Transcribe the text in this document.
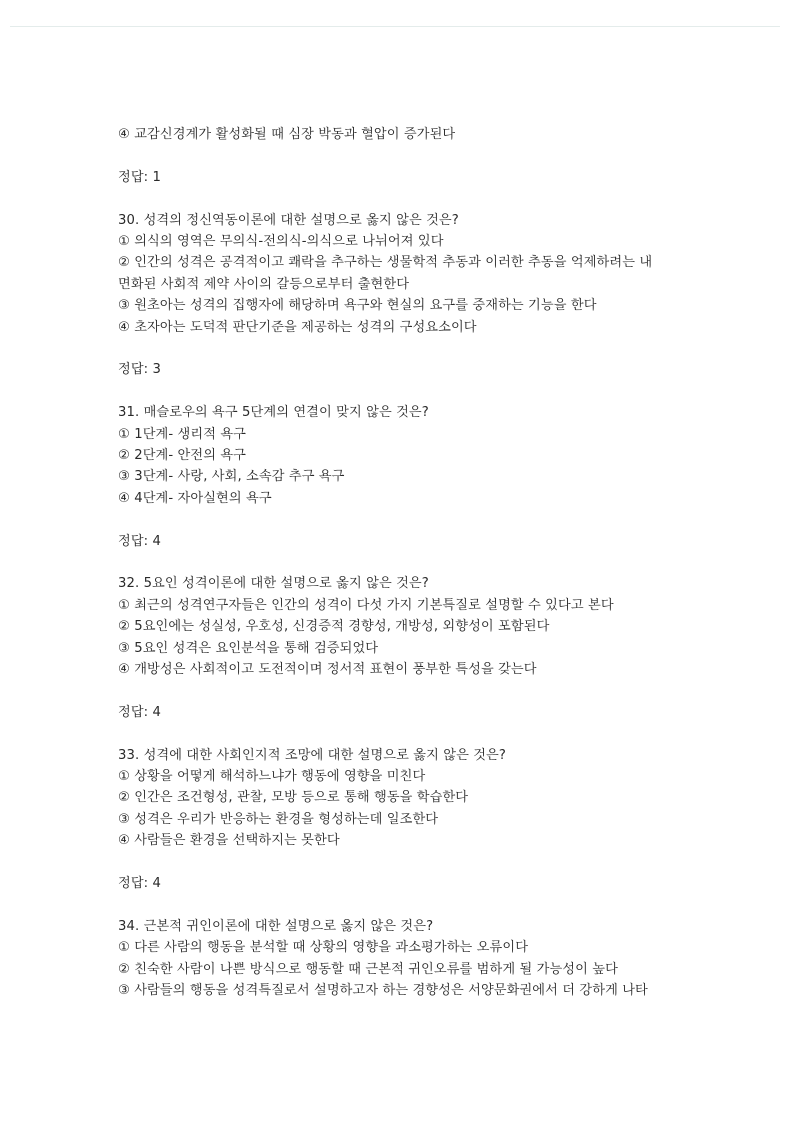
④ 교감신경계가 활성화될 때 심장 박동과 혈압이 증가된다
정답: 1
30. 성격의 정신역동이론에 대한 설명으로 옳지 않은 것은?
① 의식의 영역은 무의식-전의식-의식으로 나뉘어져 있다
② 인간의 성격은 공격적이고 쾌락을 추구하는 생물학적 추동과 이러한 추동을 억제하려는 내
면화된 사회적 제약 사이의 갈등으로부터 출현한다
③ 원초아는 성격의 집행자에 해당하며 욕구와 현실의 요구를 중재하는 기능을 한다
④ 초자아는 도덕적 판단기준을 제공하는 성격의 구성요소이다
정답: 3
31. 매슬로우의 욕구 5단계의 연결이 맞지 않은 것은?
① 1단계- 생리적 욕구
② 2단계- 안전의 욕구
③ 3단계- 사랑, 사회, 소속감 추구 욕구
④ 4단계- 자아실현의 욕구
정답: 4
32. 5요인 성격이론에 대한 설명으로 옳지 않은 것은?
① 최근의 성격연구자들은 인간의 성격이 다섯 가지 기본특질로 설명할 수 있다고 본다
② 5요인에는 성실성, 우호성, 신경증적 경향성, 개방성, 외향성이 포함된다
③ 5요인 성격은 요인분석을 통해 검증되었다
④ 개방성은 사회적이고 도전적이며 정서적 표현이 풍부한 특성을 갖는다
정답: 4
33. 성격에 대한 사회인지적 조망에 대한 설명으로 옳지 않은 것은?
① 상황을 어떻게 해석하느냐가 행동에 영향을 미친다
② 인간은 조건형성, 관찰, 모방 등으로 통해 행동을 학습한다
③ 성격은 우리가 반응하는 환경을 형성하는데 일조한다
④ 사람들은 환경을 선택하지는 못한다
정답: 4
34. 근본적 귀인이론에 대한 설명으로 옳지 않은 것은?
① 다른 사람의 행동을 분석할 때 상황의 영향을 과소평가하는 오류이다
② 친숙한 사람이 나쁜 방식으로 행동할 때 근본적 귀인오류를 범하게 될 가능성이 높다
③ 사람들의 행동을 성격특질로서 설명하고자 하는 경향성은 서양문화권에서 더 강하게 나타
